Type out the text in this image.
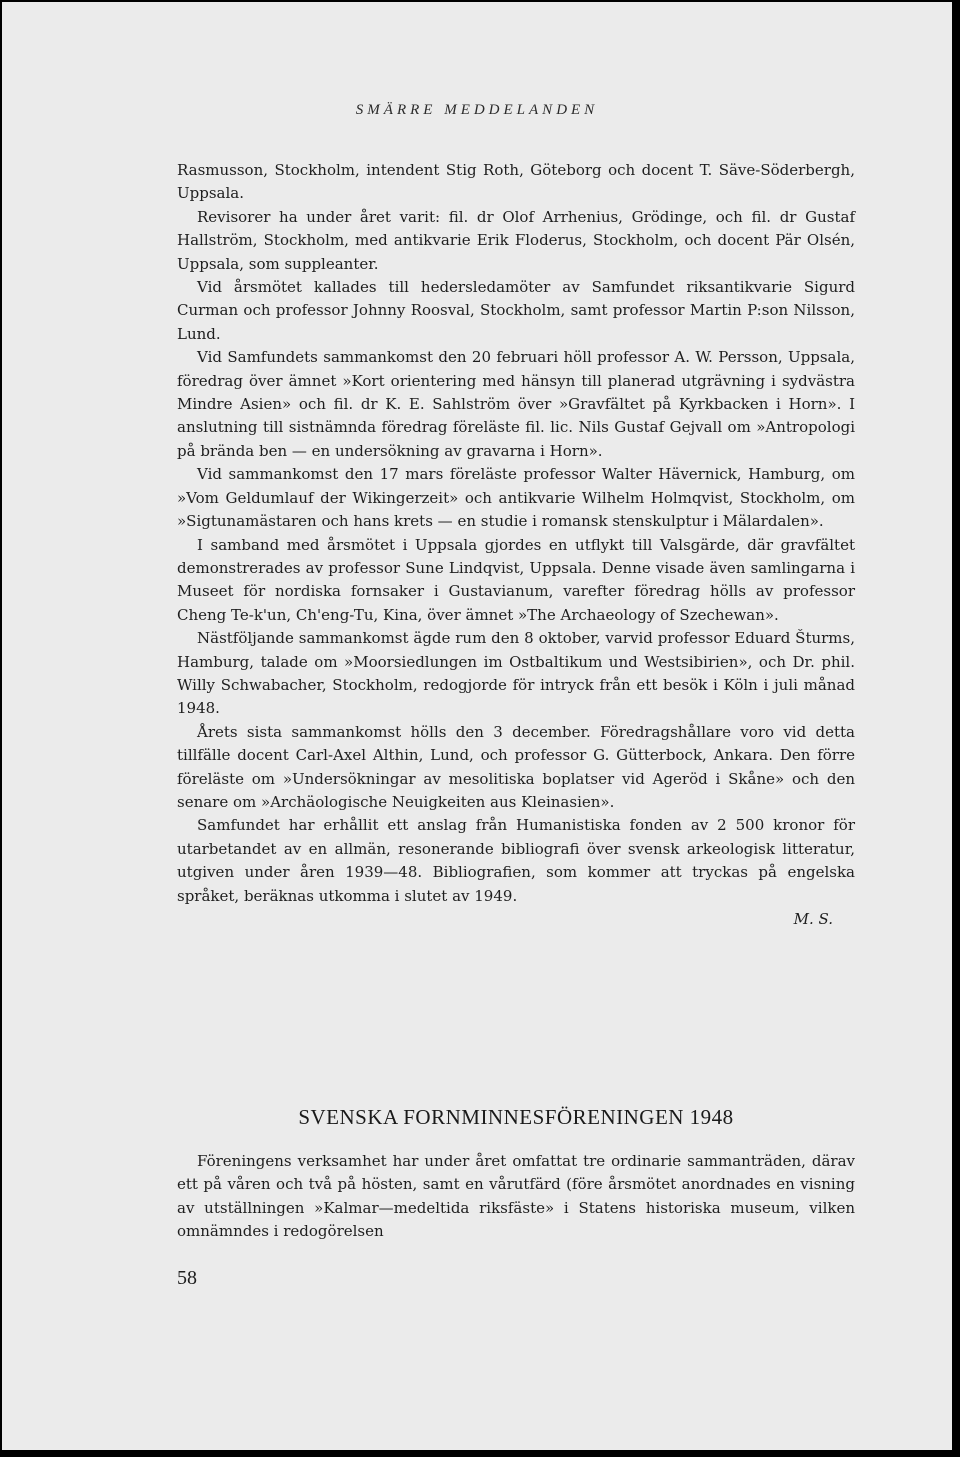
SMÄRRE MEDDELANDEN

Rasmusson, Stockholm, intendent Stig Roth, Göteborg och docent T. Säve-Söderbergh, Uppsala.

Revisorer ha under året varit: fil. dr Olof Arrhenius, Grödinge, och fil. dr Gustaf Hallström, Stockholm, med antikvarie Erik Floderus, Stockholm, och docent Pär Olsén, Uppsala, som suppleanter.

Vid årsmötet kallades till hedersledamöter av Samfundet riksantikvarie Sigurd Curman och professor Johnny Roosval, Stockholm, samt professor Martin P:son Nilsson, Lund.

Vid Samfundets sammankomst den 20 februari höll professor A. W. Persson, Uppsala, föredrag över ämnet »Kort orientering med hänsyn till planerad utgrävning i sydvästra Mindre Asien» och fil. dr K. E. Sahlström över »Gravfältet på Kyrkbacken i Horn». I anslutning till sistnämnda föredrag föreläste fil. lic. Nils Gustaf Gejvall om »Antropologi på brända ben — en undersökning av gravarna i Horn».

Vid sammankomst den 17 mars föreläste professor Walter Hävernick, Hamburg, om »Vom Geldumlauf der Wikingerzeit» och antikvarie Wilhelm Holmqvist, Stockholm, om »Sigtunamästaren och hans krets — en studie i romansk stenskulptur i Mälardalen».

I samband med årsmötet i Uppsala gjordes en utflykt till Valsgärde, där gravfältet demonstrerades av professor Sune Lindqvist, Uppsala. Denne visade även samlingarna i Museet för nordiska fornsaker i Gustavianum, varefter föredrag hölls av professor Cheng Te-k'un, Ch'eng-Tu, Kina, över ämnet »The Archaeology of Szechewan».

Nästföljande sammankomst ägde rum den 8 oktober, varvid professor Eduard Šturms, Hamburg, talade om »Moorsiedlungen im Ostbaltikum und Westsibirien», och Dr. phil. Willy Schwabacher, Stockholm, redogjorde för intryck från ett besök i Köln i juli månad 1948.

Årets sista sammankomst hölls den 3 december. Föredragshållare voro vid detta tillfälle docent Carl-Axel Althin, Lund, och professor G. Gütterbock, Ankara. Den förre föreläste om »Undersökningar av mesolitiska boplatser vid Ageröd i Skåne» och den senare om »Archäologische Neuigkeiten aus Kleinasien».

Samfundet har erhållit ett anslag från Humanistiska fonden av 2 500 kronor för utarbetandet av en allmän, resonerande bibliografi över svensk arkeologisk litteratur, utgiven under åren 1939—48. Bibliografien, som kommer att tryckas på engelska språket, beräknas utkomma i slutet av 1949.

M. S.

SVENSKA FORNMINNESFÖRENINGEN 1948

Föreningens verksamhet har under året omfattat tre ordinarie sammanträden, därav ett på våren och två på hösten, samt en vårutfärd (före årsmötet anordnades en visning av utställningen »Kalmar—medeltida riksfäste» i Statens historiska museum, vilken omnämndes i redogörelsen

58
